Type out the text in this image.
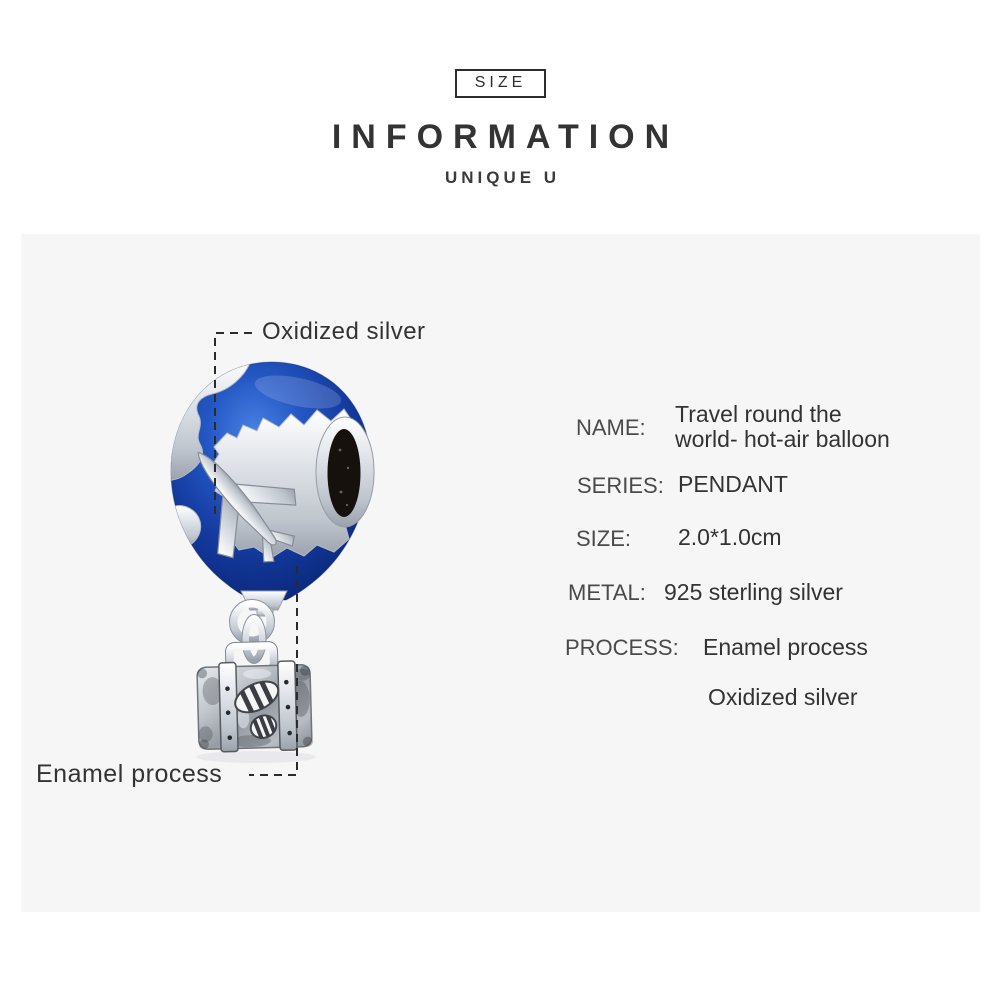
SIZE
INFORMATION
UNIQUE U
Oxidized silver
Enamel process
NAME:
Travel round the
world- hot-air balloon
SERIES: PENDANT
SIZE: 2.0*1.0cm
METAL: 925 sterling silver
PROCESS: Enamel process
Oxidized silver
